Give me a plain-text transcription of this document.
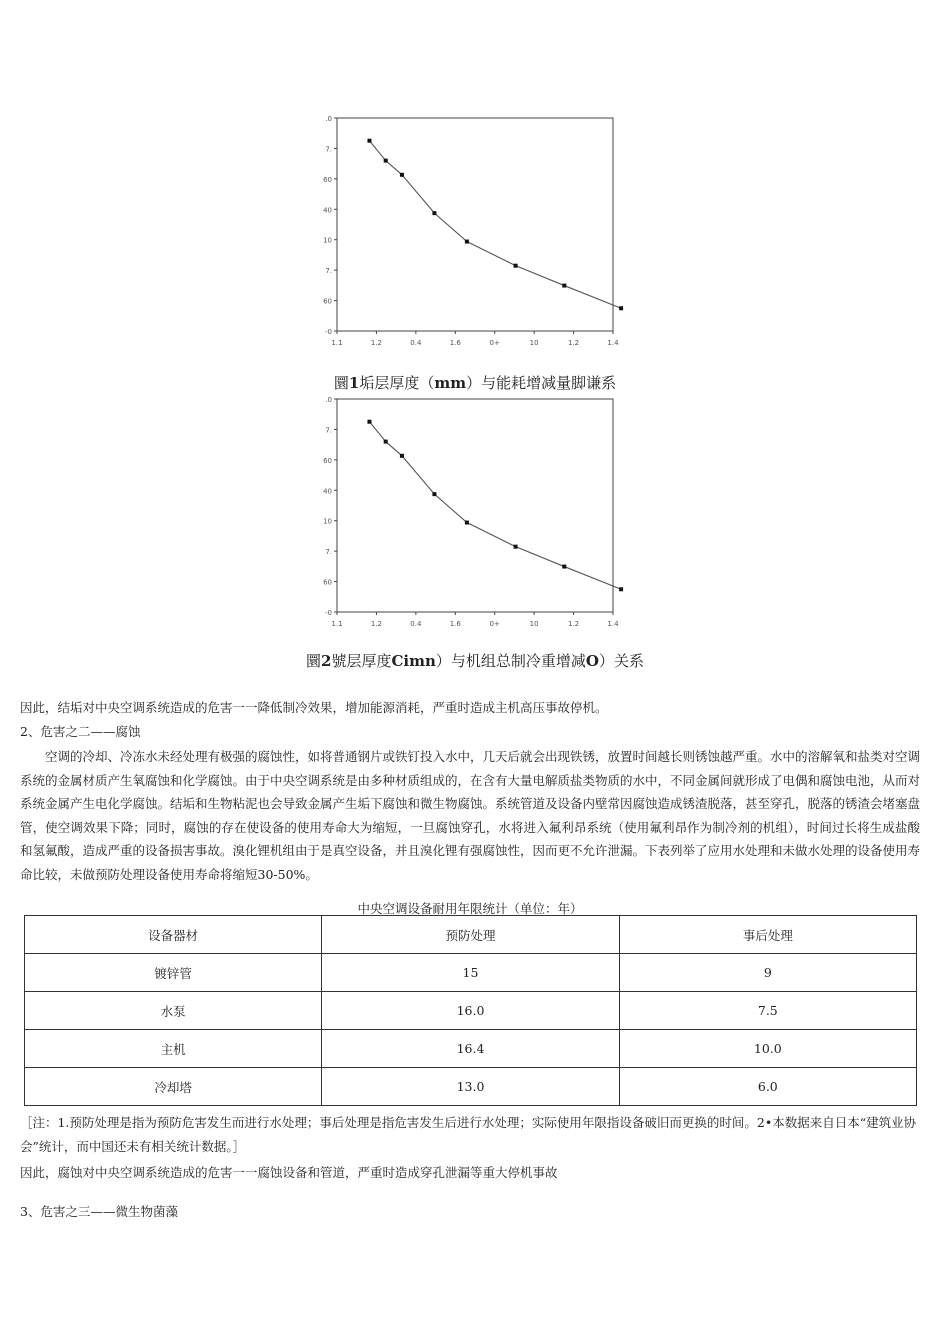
.0
7.
60
40
10
7.
60
-0
1.1	1.2	0.4	1.6	0+	10	1.2	1.4
圜1垢层厚度（mm）与能耗增减量脚谦系
.0
7.
60
40
10
7.
60
-0
1.1	1.2	0.4	1.6	0+	10	1.2	1.4
圜2號层厚度Cimn）与机组总制冷重增减O）关系
因此，结垢对中央空调系统造成的危害一一降低制冷效果，增加能源消耗，严重时造成主机高压事故停机。
2、危害之二——腐蚀
空调的冷却、冷冻水未经处理有极强的腐蚀性，如将普通钢片或铁钉投入水中，几天后就会出现铁锈，放置时间越长则锈蚀越严重。水中的溶解氧和盐类对空调系统的金属材质产生氧腐蚀和化学腐蚀。由于中央空调系统是由多种材质组成的，在含有大量电解质盐类物质的水中，不同金属间就形成了电偶和腐蚀电池，从而对系统金属产生电化学腐蚀。结垢和生物粘泥也会导致金属产生垢下腐蚀和微生物腐蚀。系统管道及设备内壁常因腐蚀造成锈渣脱落，甚至穿孔，脱落的锈渣会堵塞盘管，使空调效果下降；同时，腐蚀的存在使设备的使用寿命大为缩短，一旦腐蚀穿孔，水将进入氟利昂系统（使用氟利昂作为制冷剂的机组），时间过长将生成盐酸和氢氟酸，造成严重的设备损害事故。溴化锂机组由于是真空设备，并且溴化锂有强腐蚀性，因而更不允许泄漏。下表列举了应用水处理和未做水处理的设备使用寿命比较，未做预防处理设备使用寿命将缩短30-50%。
中央空调设备耐用年限统计（单位：年）
设备器材	预防处理	事后处理
镀锌管	15	9
水泵	16.0	7.5
主机	16.4	10.0
冷却塔	13.0	6.0
［注：1.预防处理是指为预防危害发生而进行水处理；事后处理是指危害发生后进行水处理；实际使用年限指设备破旧而更换的时间。2•本数据来自日本“建筑业协会”统计，而中国还未有相关统计数据。］
因此，腐蚀对中央空调系统造成的危害一一腐蚀设备和管道，严重时造成穿孔泄漏等重大停机事故
3、危害之三——微生物菌藻
